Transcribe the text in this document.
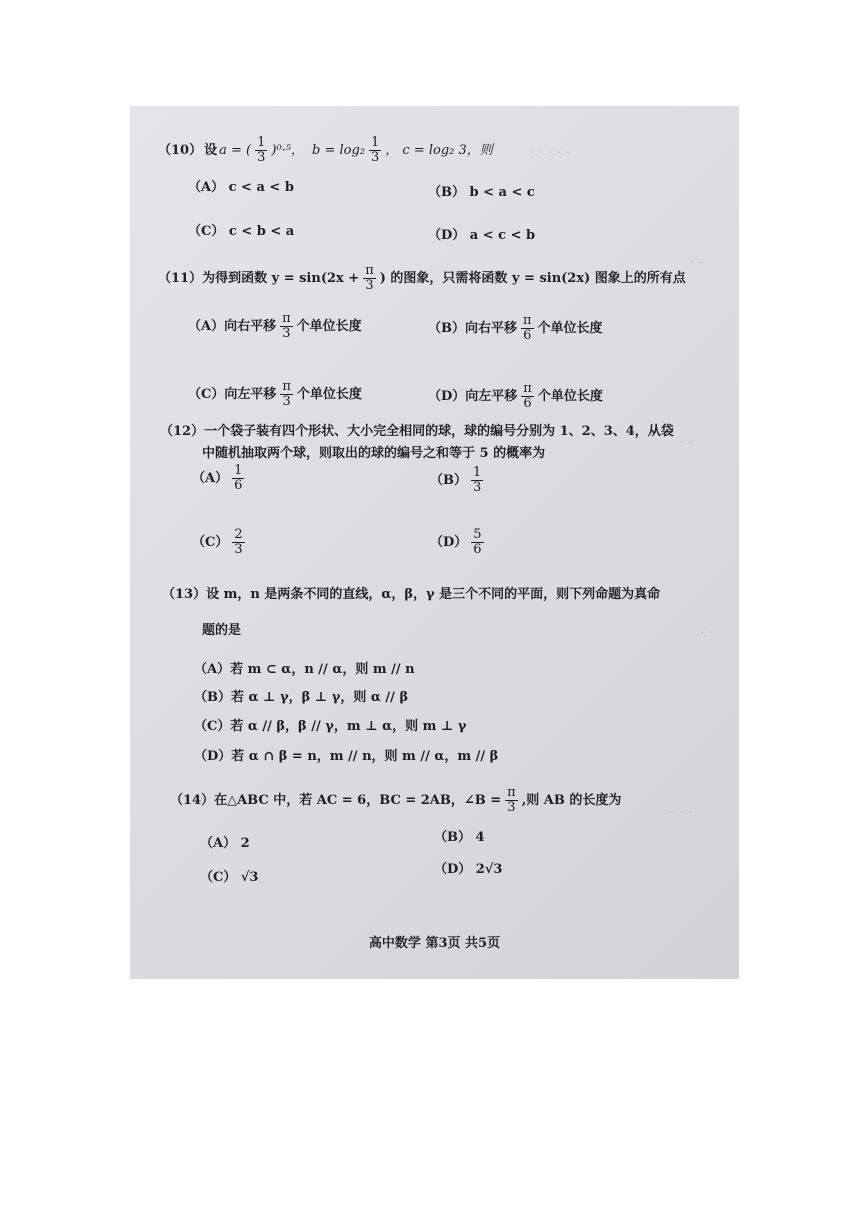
· · · · ·
· ·
· · ·
· ·
· · ·
（10） 设 a = ( $\frac{1}{3} )^0\cdot^5$， $b = \log_2 \frac{1}{3}$ ， c = log₂ 3，则
（A） c < a < b	（B） b < a < c
（C） c < b < a	（D） a < c < b
（11）为得到函数 $y = \sin(2x + \frac{\pi}{3}$ ) 的图象，只需将函数 y = sin(2x) 图象上的所有点
（A）向右平移 $\frac{\pi}{3}$ 个单位长度	（B）向右平移 $\frac{\pi}{6}$ 个单位长度
（C）向左平移 $\frac{\pi}{3}$ 个单位长度	（D）向左平移 $\frac{\pi}{6}$ 个单位长度
（12）一个袋子装有四个形状、大小完全相同的球，球的编号分别为 1、2、3、4，从袋
中随机抽取两个球，则取出的球的编号之和等于 5 的概率为
$(A) \frac{1}{6}$	$(B) \frac{1}{3}$
$(C) \frac{2}{3}$	$(D) \frac{5}{6}$
（13）设 m，n 是两条不同的直线，α，β，γ 是三个不同的平面，则下列命题为真命
题的是
（A）若 m ⊂ α，n // α，则 m // n
（B）若 α ⊥ γ，β ⊥ γ，则 α // β
（C）若 α // β，β // γ，m ⊥ α，则 m ⊥ γ
（D）若 α ∩ β = n，m // n，则 m // α，m // β
（14）在△ABC 中，若 AC = 6，BC = 2AB，∠B = $\frac{\pi}{3}$ ,则 AB 的长度为
（A） 2	（B） 4
（C） √3
（D） 2√3
高中数学 第3页 共5页
